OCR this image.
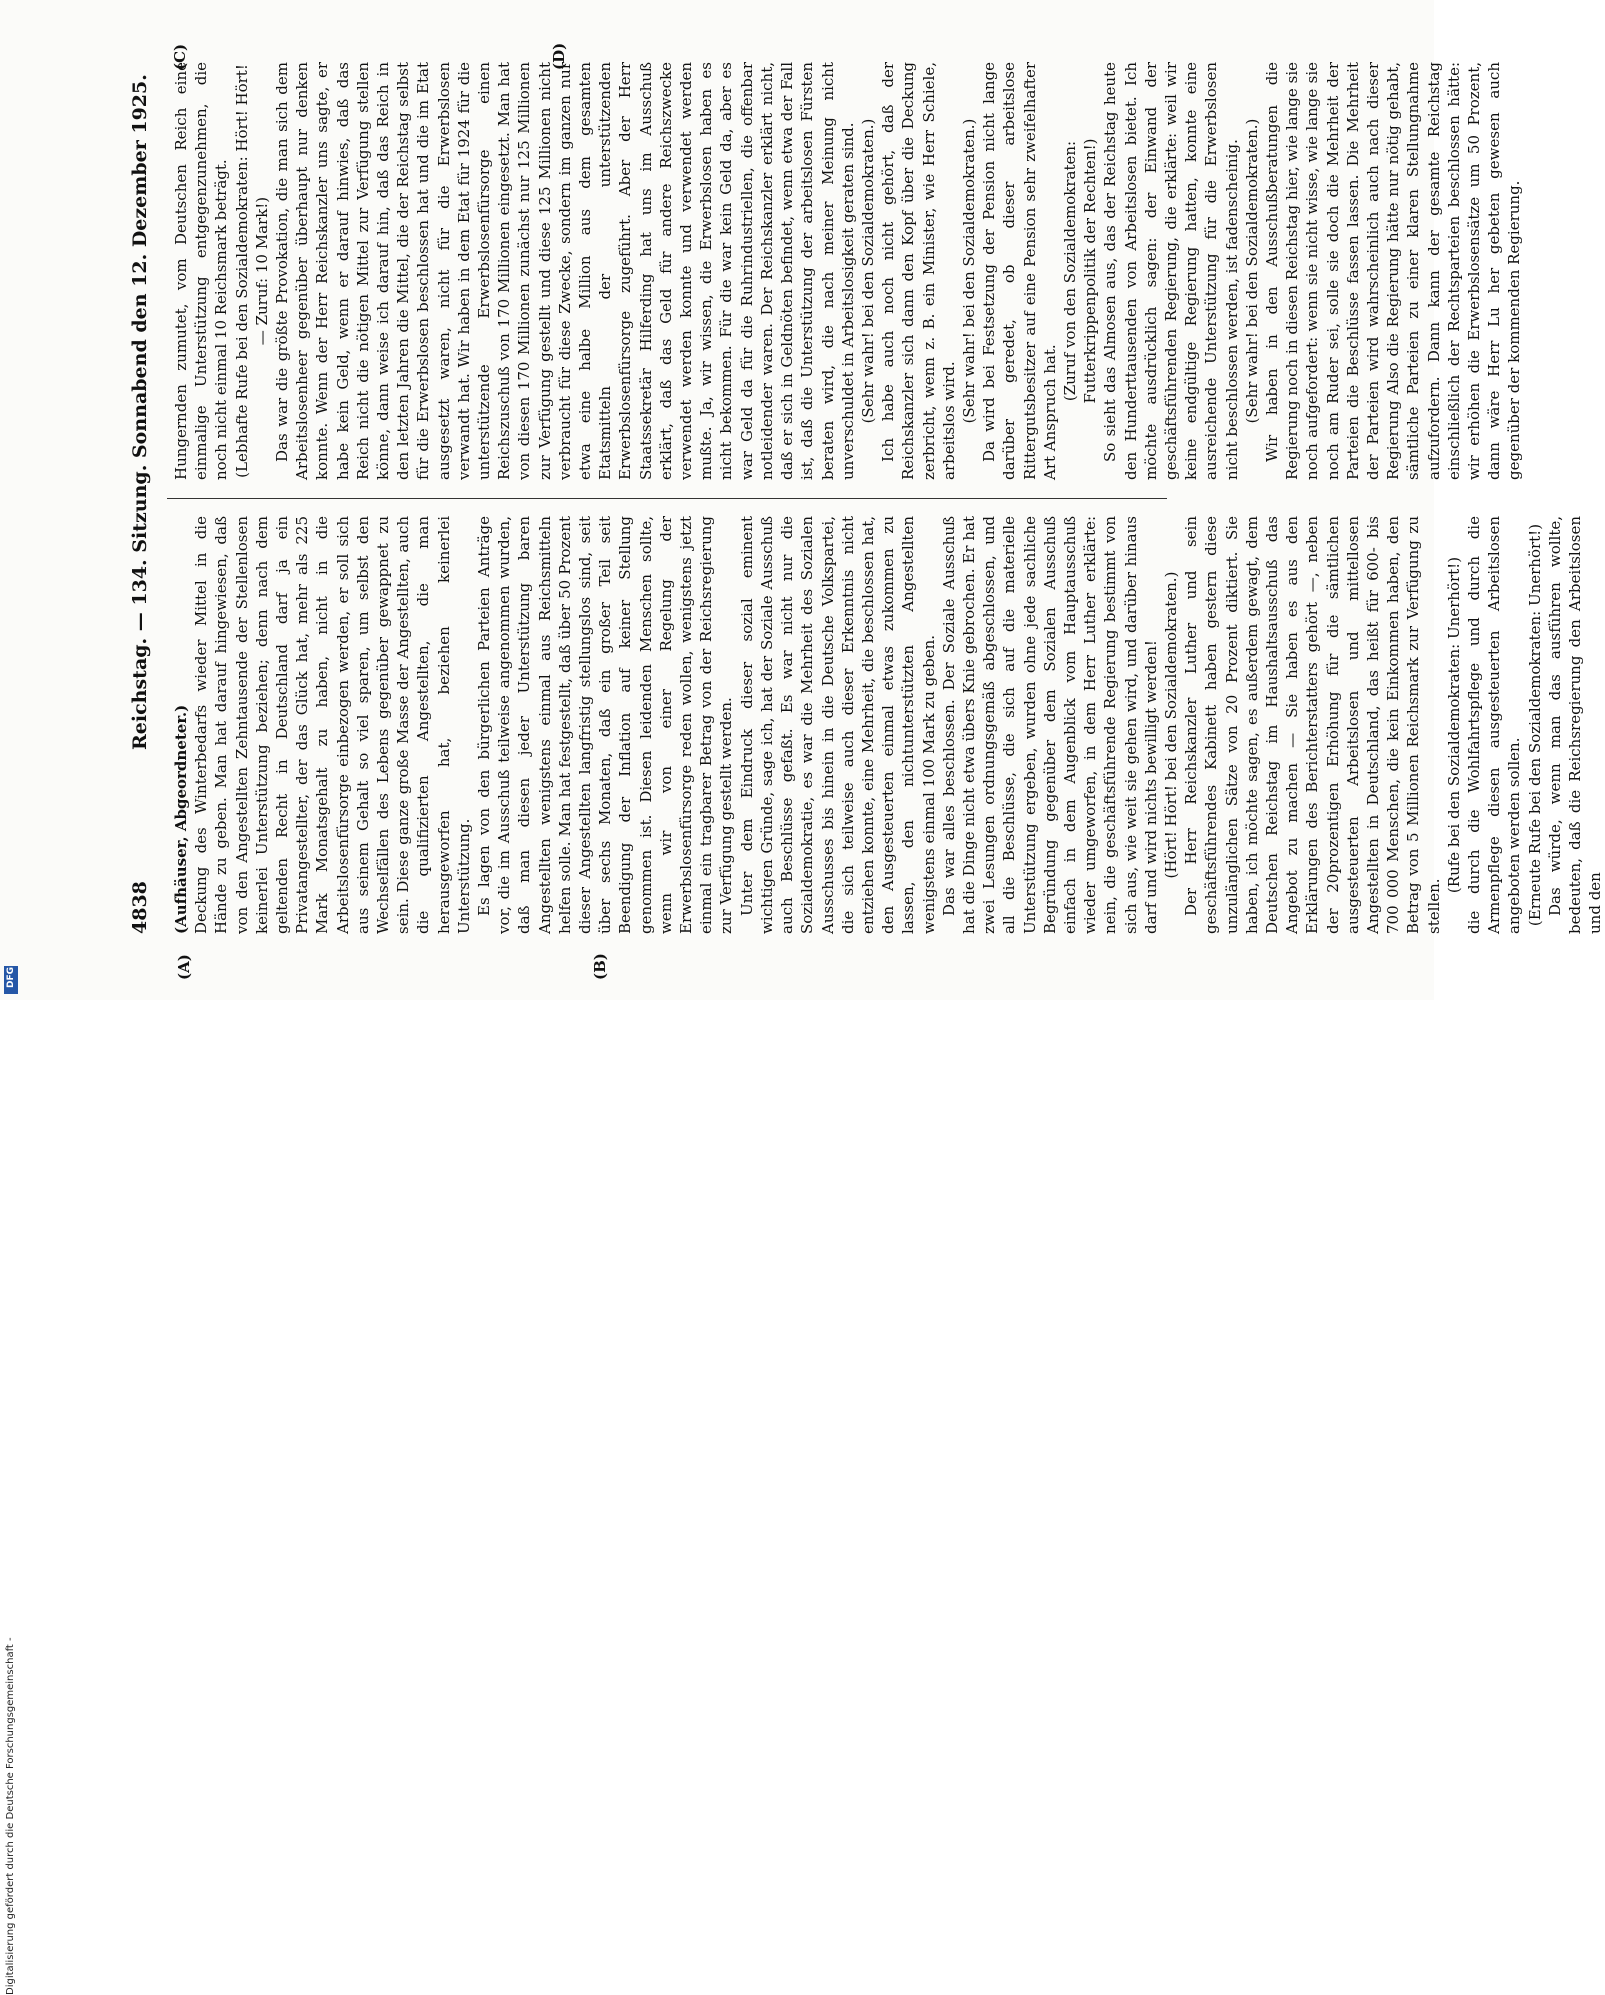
4838
Reichstag. — 134. Sitzung. Sonnabend den 12. Dezember 1925.
(A)	(B)
(C)	(D)

(Aufhäuser, Abgeordneter.) Deckung des Winterbedarfs wieder Mittel in die Hände zu geben. Man hat darauf hingewiesen, daß von den Angestellten Zehntausende der Stellenlosen keinerlei Unterstützung beziehen; denn nach dem geltenden Recht in Deutschland darf ja ein Privatangestellter, der das Glück hat, mehr als 225 Mark Monatsgehalt zu haben, nicht in die Arbeitslosenfürsorge einbezogen werden, er soll sich aus seinem Gehalt so viel sparen, um selbst den Wechselfällen des Lebens gegenüber gewappnet zu sein. Diese ganze große Masse der Angestellten, auch die qualifizierten Angestellten, die man herausgeworfen hat, beziehen keinerlei Unterstützung. Es lagen von den bürgerlichen Parteien Anträge vor, die im Ausschuß teilweise angenommen wurden, daß man diesen jeder Unterstützung baren Angestellten wenigstens einmal aus Reichsmitteln helfen solle. Man hat festgestellt, daß über 50 Prozent dieser Angestellten langfristig stellungslos sind, seit über sechs Monaten, daß ein großer Teil seit Beendigung der Inflation auf keiner Stellung genommen ist. Diesen leidenden Menschen sollte, wenn wir von einer Regelung der Erwerbslosenfürsorge reden wollen, wenigstens jetzt einmal ein tragbarer Betrag von der Reichsregierung zur Verfügung gestellt werden. Unter dem Eindruck dieser sozial eminent wichtigen Gründe, sage ich, hat der Soziale Ausschuß auch Beschlüsse gefaßt. Es war nicht nur die Sozialdemokratie, es war die Mehrheit des Sozialen Ausschusses bis hinein in die Deutsche Volkspartei, die sich teilweise auch dieser Erkenntnis nicht entziehen konnte, eine Mehrheit, die beschlossen hat, den Ausgesteuerten einmal etwas zukommen zu lassen, den nichtunterstützten Angestellten wenigstens einmal 100 Mark zu geben. Das war alles beschlossen. Der Soziale Ausschuß hat die Dinge nicht etwa übers Knie gebrochen. Er hat zwei Lesungen ordnungsgemäß abgeschlossen, und all die Beschlüsse, die sich auf die materielle Unterstützung ergeben, wurden ohne jede sachliche Begründung gegenüber dem Sozialen Ausschuß einfach in dem Augenblick vom Hauptausschuß wieder umgeworfen, in dem Herr Luther erklärte: nein, die geschäftsführende Regierung bestimmt von sich aus, wie weit sie gehen wird, und darüber hinaus darf und wird nichts bewilligt werden! (Hört! Hört! bei den Sozialdemokraten.) Der Herr Reichskanzler Luther und sein geschäftsführendes Kabinett haben gestern diese unzulänglichen Sätze von 20 Prozent diktiert. Sie haben, ich möchte sagen, es außerdem gewagt, dem Deutschen Reichstag im Haushaltsausschuß das Angebot zu machen — Sie haben es aus den Erklärungen des Berichterstatters gehört —, neben der 20prozentigen Erhöhung für die sämtlichen ausgesteuerten Arbeitslosen und mittellosen Angestellten in Deutschland, das heißt für 600- bis 700 000 Menschen, die kein Einkommen haben, den Betrag von 5 Millionen Reichsmark zur Verfügung zu stellen.

(Rufe bei den Sozialdemokraten: Unerhört!) die durch die Wohlfahrtspflege und durch die Armenpflege diesen ausgesteuerten Arbeitslosen angeboten werden sollen. (Erneute Rufe bei den Sozialdemokraten: Unerhört!) Das würde, wenn man das ausführen wollte, bedeuten, daß die Reichsregierung den Arbeitslosen und den

Hungernden zumutet, vom Deutschen Reich eine einmalige Unterstützung entgegenzunehmen, die noch nicht einmal 10 Reichsmark beträgt. (Lebhafte Rufe bei den Sozialdemokraten: Hört! Hört! — Zuruf: 10 Mark!) Das war die größte Provokation, die man sich dem Arbeitslosenheer gegenüber überhaupt nur denken konnte. Wenn der Herr Reichskanzler uns sagte, er habe kein Geld, wenn er darauf hinwies, daß das Reich nicht die nötigen Mittel zur Verfügung stellen könne, dann weise ich darauf hin, daß das Reich in den letzten Jahren die Mittel, die der Reichstag selbst für die Erwerbslosen beschlossen hat und die im Etat ausgesetzt waren, nicht für die Erwerbslosen verwandt hat. Wir haben in dem Etat für 1924 für die unterstützende Erwerbslosenfürsorge einen Reichszuschuß von 170 Millionen eingesetzt. Man hat von diesen 170 Millionen zunächst nur 125 Millionen zur Verfügung gestellt und diese 125 Millionen nicht verbraucht für diese Zwecke, sondern im ganzen nur etwa eine halbe Million aus dem gesamten Etatsmitteln der unterstützenden Erwerbslosenfürsorge zugeführt. Aber der Herr Staatssekretär Hilferding hat uns im Ausschuß erklärt, daß das Geld für andere Reichszwecke verwendet werden konnte und verwendet werden mußte. Ja, wir wissen, die Erwerbslosen haben es nicht bekommen. Für die war kein Geld da, aber es war Geld da für die Ruhrindustriellen, die offenbar notleidender waren. Der Reichskanzler erklärt nicht, daß er sich in Geldnöten befindet, wenn etwa der Fall ist, daß die Unterstützung der arbeitslosen Fürsten beraten wird, die nach meiner Meinung nicht unverschuldet in Arbeitslosigkeit geraten sind. (Sehr wahr! bei den Sozialdemokraten.) Ich habe auch noch nicht gehört, daß der Reichskanzler sich dann den Kopf über die Deckung zerbricht, wenn z. B. ein Minister, wie Herr Schiele, arbeitslos wird. (Sehr wahr! bei den Sozialdemokraten.) Da wird bei Festsetzung der Pension nicht lange darüber geredet, ob dieser arbeitslose Rittergutsbesitzer auf eine Pension sehr zweifelhafter Art Anspruch hat.

(Zuruf von den Sozialdemokraten: Futterkrippenpolitik der Rechten!) So sieht das Almosen aus, das der Reichstag heute den Hunderttausenden von Arbeitslosen bietet. Ich möchte ausdrücklich sagen: der Einwand der geschäftsführenden Regierung, die erklärte: weil wir keine endgültige Regierung hatten, konnte eine ausreichende Unterstützung für die Erwerbslosen nicht beschlossen werden, ist fadenscheinig. (Sehr wahr! bei den Sozialdemokraten.) Wir haben in den Ausschußberatungen die Regierung noch in diesen Reichstag hier, wie lange sie noch aufgefordert: wenn sie nicht wisse, wie lange sie noch am Ruder sei, solle sie doch die Mehrheit der Parteien die Beschlüsse fassen lassen. Die Mehrheit der Parteien wird wahrscheinlich auch nach dieser Regierung Also die Regierung hätte nur nötig gehabt, sämtliche Parteien zu einer klaren Stellungnahme aufzufordern. Dann kann der gesamte Reichstag einschließlich der Rechtsparteien beschlossen hätte: wir erhöhen die Erwerbslosensätze um 50 Prozent, dann wäre Herr Lu her gebeten gewesen auch gegenüber der kommenden Regierung.

Digitalisierung gefördert durch die Deutsche Forschungsgemeinschaft -
DFG
